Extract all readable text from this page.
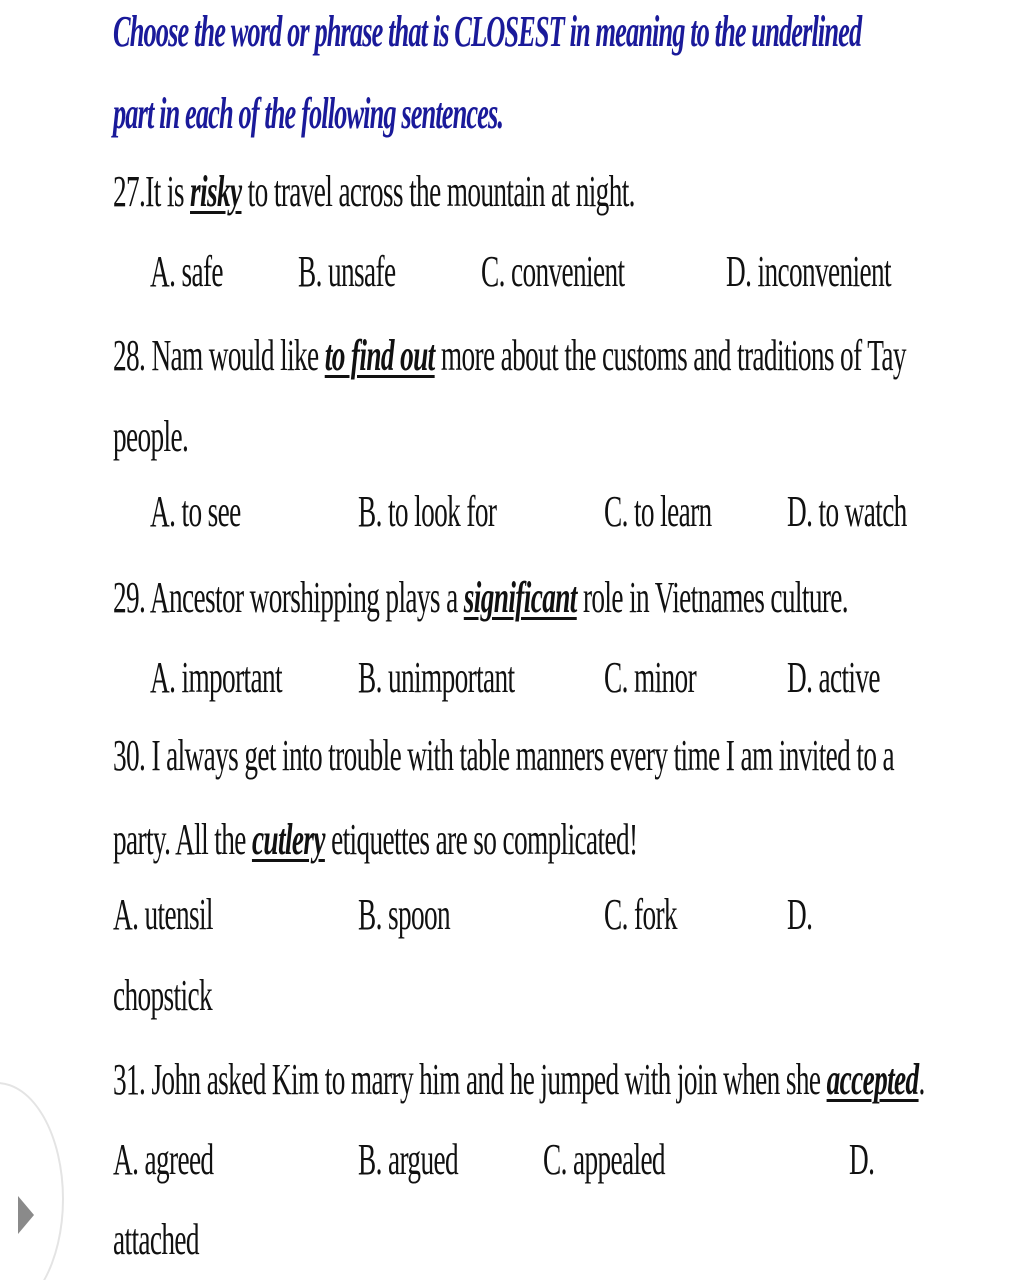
Choose the word or phrase that is CLOSEST in meaning to the underlined
part in each of the following sentences.
27.It is risky to travel across the mountain at night.
A. safe B. unsafe C. convenient D. inconvenient
28. Nam would like to find out more about the customs and traditions of Tay
people.
A. to see	B. to look for C. to learn D. to watch
29. Ancestor worshipping plays a significant role in Vietnames culture.
A. important B. unimportant C. minor D. active
30. I always get into trouble with table manners every time I am invited to a
party. All the cutlery etiquettes are so complicated!
A. utensil	B. spoon	C. fork	D.
chopstick
31. John asked Kim to marry him and he jumped with join when she accepted.
A. agreed	B. argued C. appealed	D.
attached
